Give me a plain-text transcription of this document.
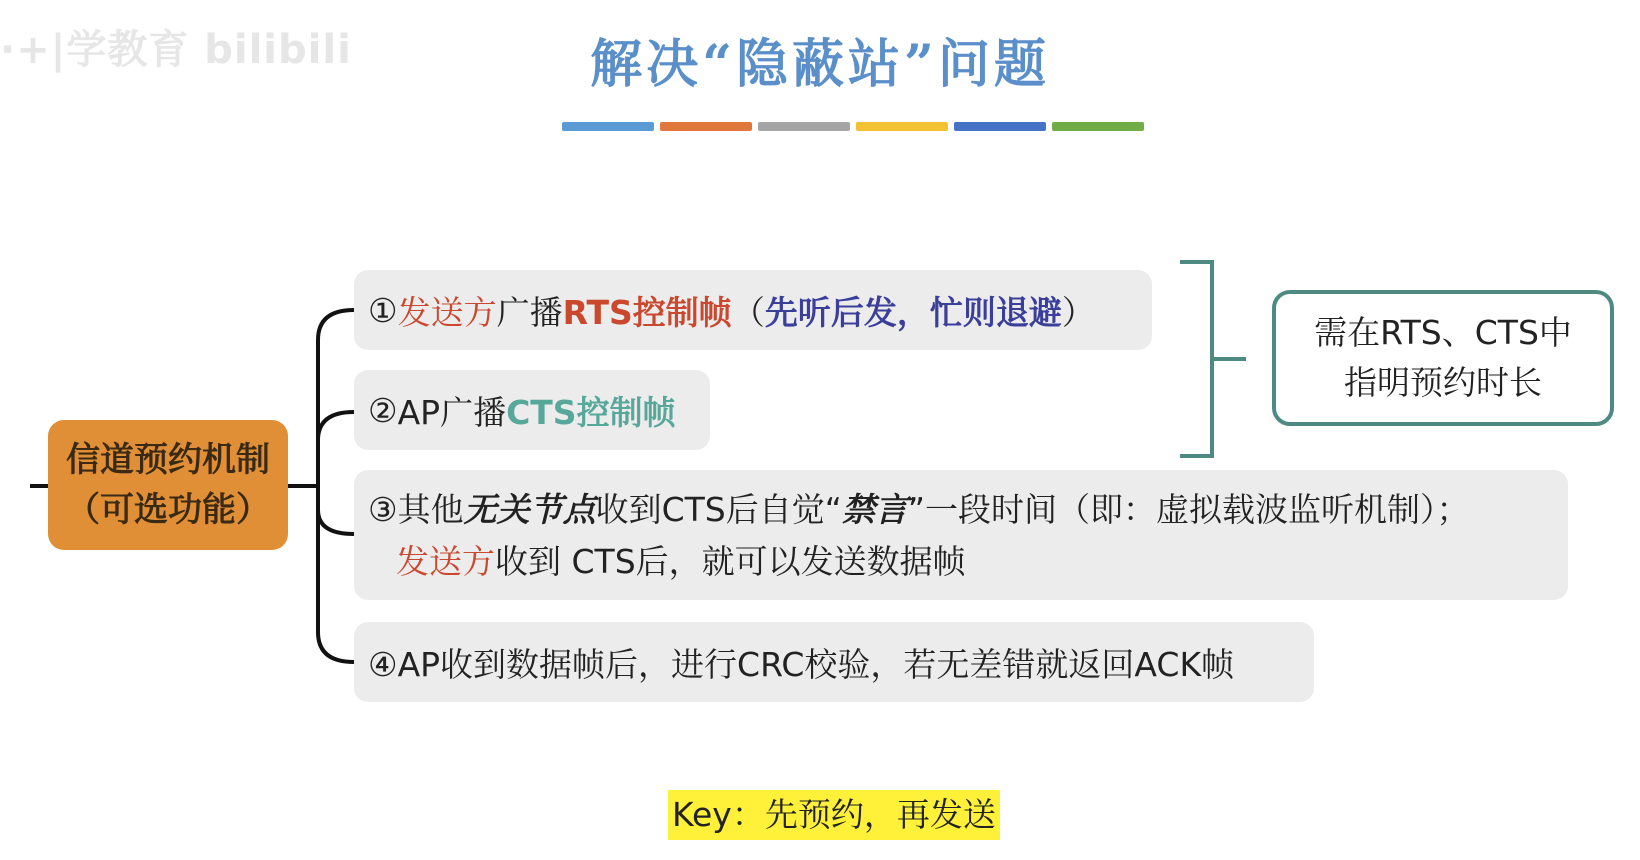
·+|学教育 bilibili	解决“隐蔽站”问题
信道预约机制
（可选功能）
① 发送方 广播 RTS控制帧 （ 先听后发，忙则退避 ）
② AP广播 CTS控制帧
③其他无关节点收到CTS后自觉“禁言”一段时间（即：虚拟载波监听机制）；
发送方收到 CTS后，就可以发送数据帧
④AP收到数据帧后，进行CRC校验，若无差错就返回ACK帧
需在RTS、CTS中
指明预约时长
Key：先预约，再发送
